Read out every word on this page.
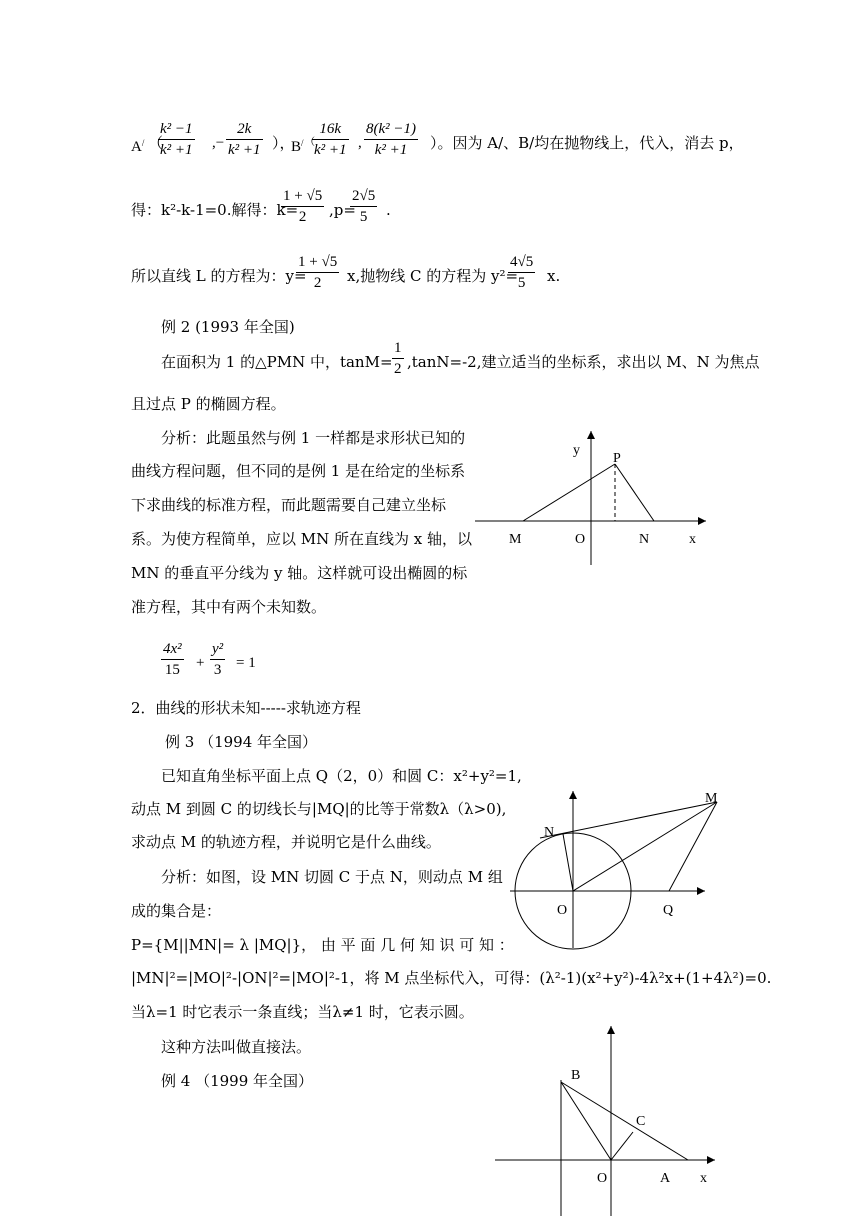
A/ （
$\frac{\text{k² −1}}{\text{k² +1}}$ ,− $\frac{2k}{\text{k² +1}}$ ），
B/ （
$\frac{16k}{\text{k² +1}}$ , $\frac{\text{8(k² −1)}}{\text{k² +1}}$ ）。因为 A/、B/均在抛物线上，代入，消去 p，
得：k²-k-1=0.解得：k=
$\frac{1 + √5}{2} ,p=$
$\frac{2√5}{5}$ .
所以直线 L 的方程为：y=
$\frac{1 + √5}{2} x$,抛物线 C 的方程为 y²=
$\frac{4√5}{5} x$.
例 2 (1993 年全国)
在面积为 1 的△PMN 中，$\tan M= \frac{1}{2} ,\tan N=-2$,建立适当的坐标系，求出以 M、N 为焦点
且过点 P 的椭圆方程。
分析：此题虽然与例 1 一样都是求形状已知的
曲线方程问题，但不同的是例 1 是在给定的坐标系
下求曲线的标准方程，而此题需要自己建立坐标
系。为使方程简单，应以 MN 所在直线为 x 轴，以
MN 的垂直平分线为 y 轴。这样就可设出椭圆的标
准方程，其中有两个未知数。
y
P
M	O	N	x
$\frac{\text{4x²}}{15} + \frac{\text{y²}}{3} = 1$
2．曲线的形状未知-----求轨迹方程
例 3 （1994 年全国）
已知直角坐标平面上点 Q（2，0）和圆 C：x²+y²=1,
动点 M 到圆 C 的切线长与|MQ|的比等于常数λ（λ>0),
求动点 M 的轨迹方程，并说明它是什么曲线。
分析：如图，设 MN 切圆 C 于点 N，则动点 M 组
成的集合是：
P={M||MN|= λ |MQ|}， 由 平 面 几 何 知 识 可 知 ：
|MN|²=|MO|²-|ON|²=|MO|²-1，将 M 点坐标代入，可得：(λ²-1)(x²+y²)-4λ²x+(1+4λ²)=0.
当λ=1 时它表示一条直线；当λ≠1 时，它表示圆。
这种方法叫做直接法。
M
N
O	Q
例 4 （1999 年全国）	B
C
O	A x
